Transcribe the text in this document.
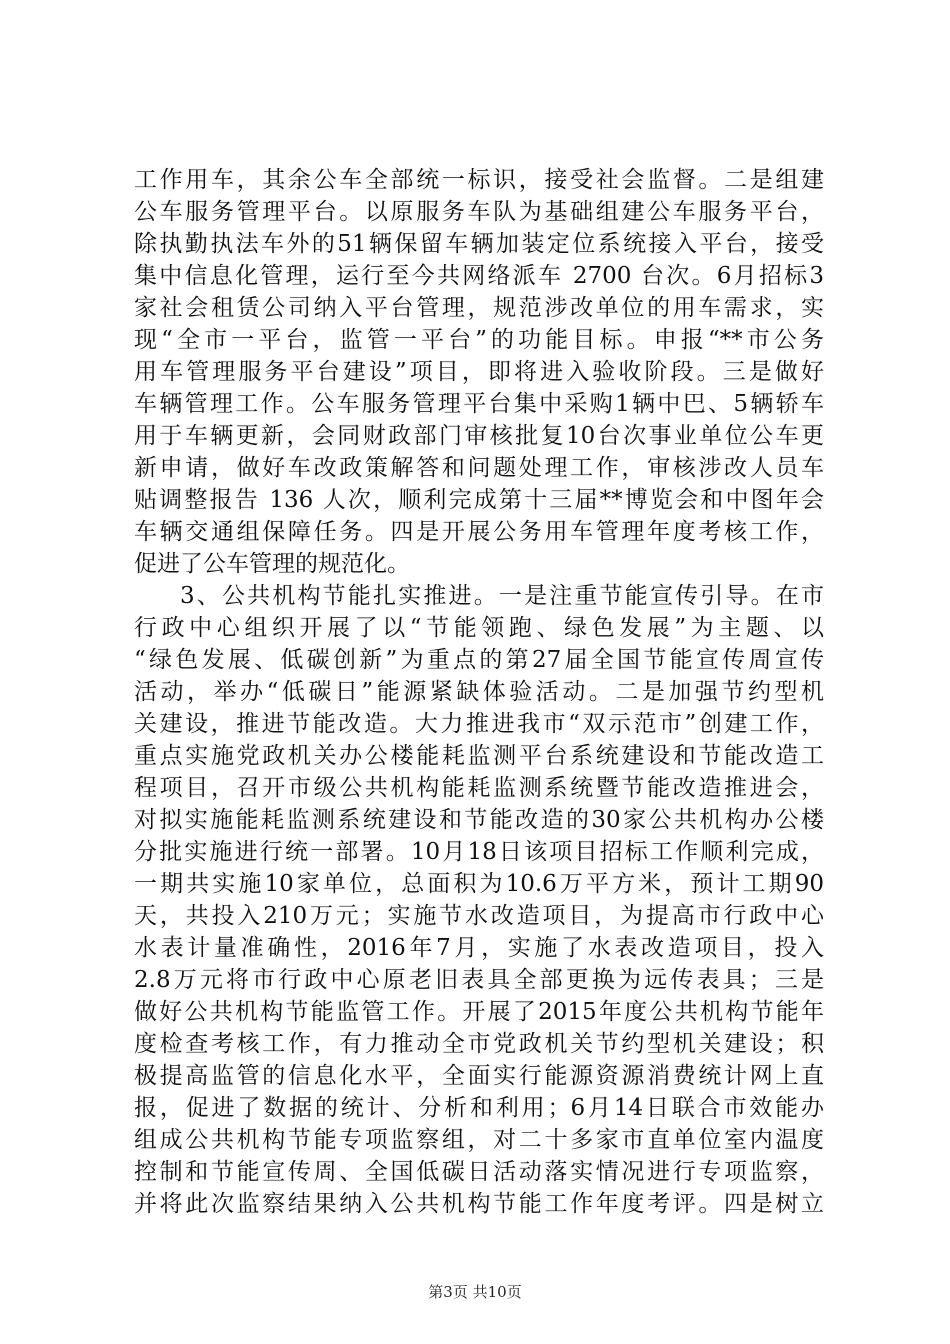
工作用车，其余公车全部统一标识，接受社会监督。二是组建
公车服务管理平台。以原服务车队为基础组建公车服务平台，
除执勤执法车外的51辆保留车辆加装定位系统接入平台，接受
集中信息化管理，运行至今共网络派车 2700 台次。6月招标3
家社会租赁公司纳入平台管理，规范涉改单位的用车需求，实
现“全市一平台，监管一平台”的功能目标。申报“**市公务
用车管理服务平台建设”项目，即将进入验收阶段。三是做好
车辆管理工作。公车服务管理平台集中采购1辆中巴、5辆轿车
用于车辆更新，会同财政部门审核批复10台次事业单位公车更
新申请，做好车改政策解答和问题处理工作，审核涉改人员车
贴调整报告 136 人次，顺利完成第十三届**博览会和中图年会
车辆交通组保障任务。四是开展公务用车管理年度考核工作，
促进了公车管理的规范化。
3、公共机构节能扎实推进。一是注重节能宣传引导。在市
行政中心组织开展了以“节能领跑、绿色发展”为主题、以
“绿色发展、低碳创新”为重点的第27届全国节能宣传周宣传
活动，举办“低碳日”能源紧缺体验活动。二是加强节约型机
关建设，推进节能改造。大力推进我市“双示范市”创建工作，
重点实施党政机关办公楼能耗监测平台系统建设和节能改造工
程项目，召开市级公共机构能耗监测系统暨节能改造推进会，
对拟实施能耗监测系统建设和节能改造的30家公共机构办公楼
分批实施进行统一部署。10月18日该项目招标工作顺利完成，
一期共实施10家单位，总面积为10.6万平方米，预计工期90
天，共投入210万元；实施节水改造项目，为提高市行政中心
水表计量准确性，2016年7月，实施了水表改造项目，投入
2.8万元将市行政中心原老旧表具全部更换为远传表具；三是
做好公共机构节能监管工作。开展了2015年度公共机构节能年
度检查考核工作，有力推动全市党政机关节约型机关建设；积
极提高监管的信息化水平，全面实行能源资源消费统计网上直
报，促进了数据的统计、分析和利用；6月14日联合市效能办
组成公共机构节能专项监察组，对二十多家市直单位室内温度
控制和节能宣传周、全国低碳日活动落实情况进行专项监察，
并将此次监察结果纳入公共机构节能工作年度考评。四是树立
第3页 共10页
